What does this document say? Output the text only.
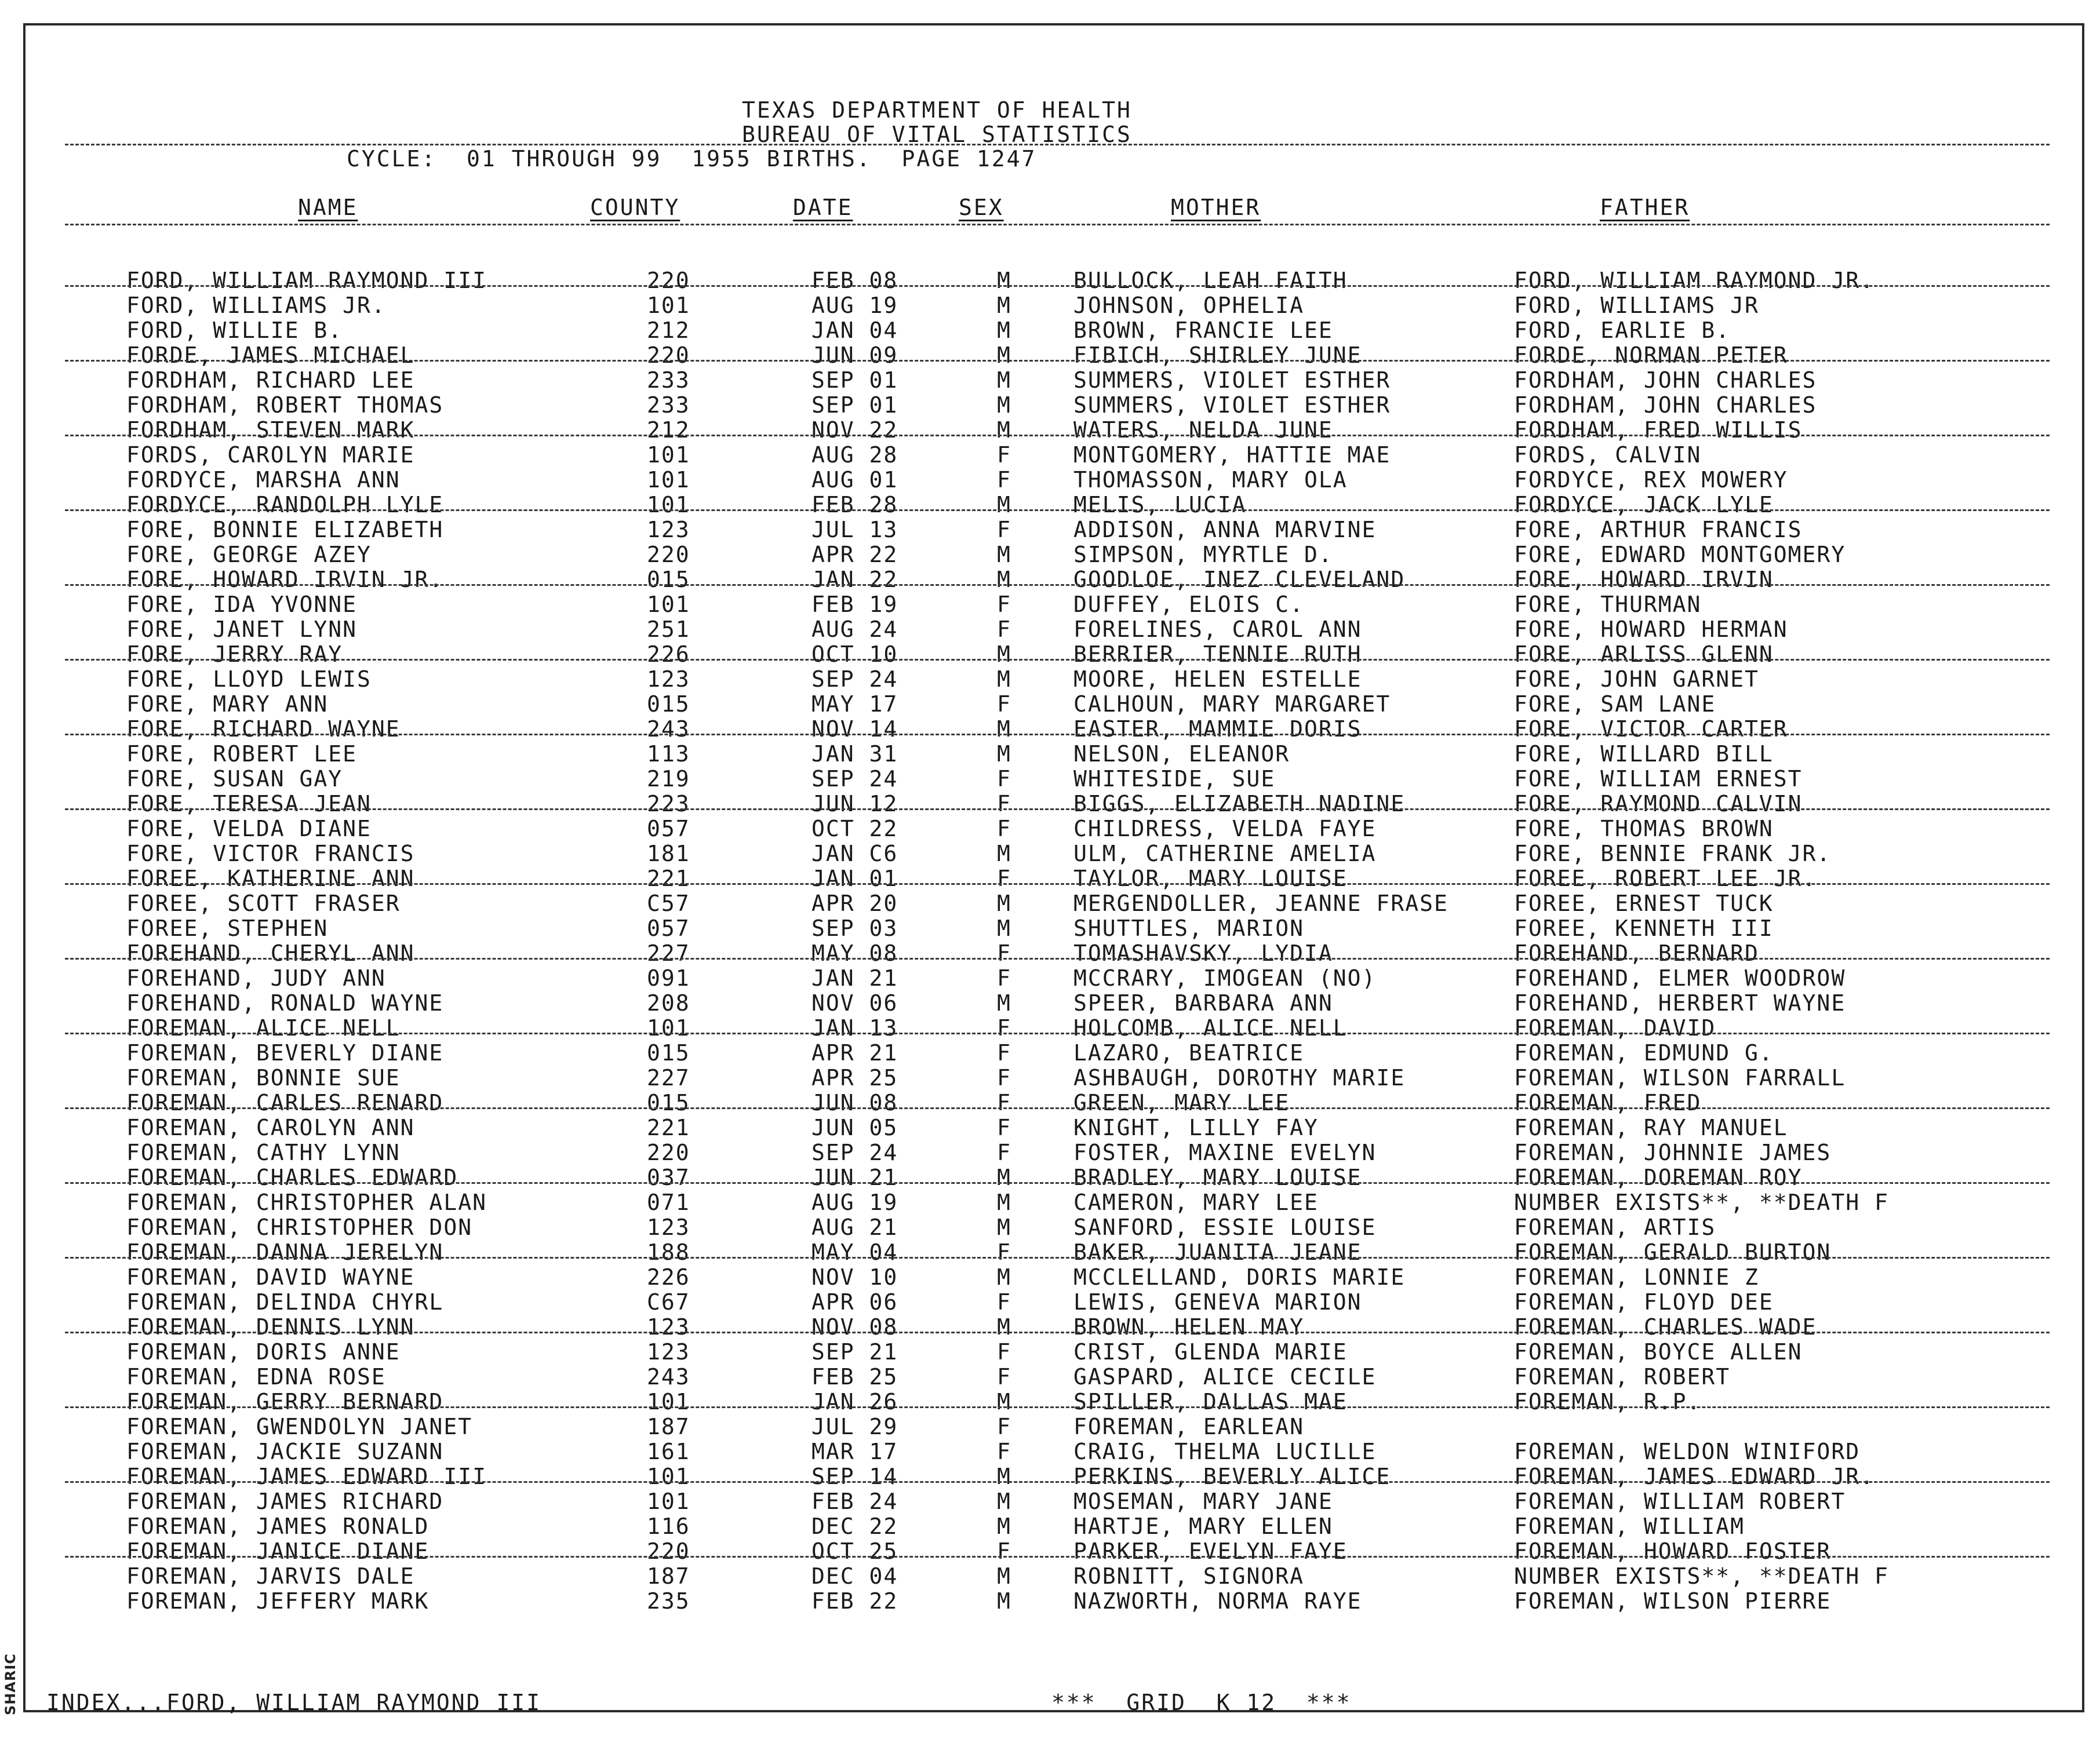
SHARIC
TEXAS DEPARTMENT OF HEALTH
BUREAU OF VITAL STATISTICS
CYCLE:  01 THROUGH 99  1955 BIRTHS.  PAGE 1247
NAME	COUNTY	DATE	SEX	MOTHER	FATHER
FORD, WILLIAM RAYMOND III	220	FEB 08	M	BULLOCK, LEAH FAITH	FORD, WILLIAM RAYMOND JR.
FORD, WILLIAMS JR.	101	AUG 19	M	JOHNSON, OPHELIA	FORD, WILLIAMS JR
FORD, WILLIE B.	212	JAN 04	M	BROWN, FRANCIE LEE	FORD, EARLIE B.
FORDE, JAMES MICHAEL	220	JUN 09	M	FIBICH, SHIRLEY JUNE	FORDE, NORMAN PETER
FORDHAM, RICHARD LEE	233	SEP 01	M	SUMMERS, VIOLET ESTHER	FORDHAM, JOHN CHARLES
FORDHAM, ROBERT THOMAS	233	SEP 01	M	SUMMERS, VIOLET ESTHER	FORDHAM, JOHN CHARLES
FORDHAM, STEVEN MARK	212	NOV 22	M	WATERS, NELDA JUNE	FORDHAM, FRED WILLIS
FORDS, CAROLYN MARIE	101	AUG 28	F	MONTGOMERY, HATTIE MAE	FORDS, CALVIN
FORDYCE, MARSHA ANN	101	AUG 01	F	THOMASSON, MARY OLA	FORDYCE, REX MOWERY
FORDYCE, RANDOLPH LYLE	101	FEB 28	M	MELIS, LUCIA	FORDYCE, JACK LYLE
FORE, BONNIE ELIZABETH	123	JUL 13	F	ADDISON, ANNA MARVINE	FORE, ARTHUR FRANCIS
FORE, GEORGE AZEY	220	APR 22	M	SIMPSON, MYRTLE D.	FORE, EDWARD MONTGOMERY
FORE, HOWARD IRVIN JR.	015	JAN 22	M	GOODLOE, INEZ CLEVELAND	FORE, HOWARD IRVIN
FORE, IDA YVONNE	101	FEB 19	F	DUFFEY, ELOIS C.	FORE, THURMAN
FORE, JANET LYNN	251	AUG 24	F	FORELINES, CAROL ANN	FORE, HOWARD HERMAN
FORE, JERRY RAY	226	OCT 10	M	BERRIER, TENNIE RUTH	FORE, ARLISS GLENN
FORE, LLOYD LEWIS	123	SEP 24	M	MOORE, HELEN ESTELLE	FORE, JOHN GARNET
FORE, MARY ANN	015	MAY 17	F	CALHOUN, MARY MARGARET	FORE, SAM LANE
FORE, RICHARD WAYNE	243	NOV 14	M	EASTER, MAMMIE DORIS	FORE, VICTOR CARTER
FORE, ROBERT LEE	113	JAN 31	M	NELSON, ELEANOR	FORE, WILLARD BILL
FORE, SUSAN GAY	219	SEP 24	F	WHITESIDE, SUE	FORE, WILLIAM ERNEST
FORE, TERESA JEAN	223	JUN 12	F	BIGGS, ELIZABETH NADINE	FORE, RAYMOND CALVIN
FORE, VELDA DIANE	057	OCT 22	F	CHILDRESS, VELDA FAYE	FORE, THOMAS BROWN
FORE, VICTOR FRANCIS	181	JAN C6	M	ULM, CATHERINE AMELIA	FORE, BENNIE FRANK JR.
FOREE, KATHERINE ANN	221	JAN 01	F	TAYLOR, MARY LOUISE	FOREE, ROBERT LEE JR.
FOREE, SCOTT FRASER	C57	APR 20	M	MERGENDOLLER, JEANNE FRASE	FOREE, ERNEST TUCK
FOREE, STEPHEN	057	SEP 03	M	SHUTTLES, MARION	FOREE, KENNETH III
FOREHAND, CHERYL ANN	227	MAY 08	F	TOMASHAVSKY, LYDIA	FOREHAND, BERNARD
FOREHAND, JUDY ANN	091	JAN 21	F	MCCRARY, IMOGEAN (NO)	FOREHAND, ELMER WOODROW
FOREHAND, RONALD WAYNE	208	NOV 06	M	SPEER, BARBARA ANN	FOREHAND, HERBERT WAYNE
FOREMAN, ALICE NELL	101	JAN 13	F	HOLCOMB, ALICE NELL	FOREMAN, DAVID
FOREMAN, BEVERLY DIANE	015	APR 21	F	LAZARO, BEATRICE	FOREMAN, EDMUND G.
FOREMAN, BONNIE SUE	227	APR 25	F	ASHBAUGH, DOROTHY MARIE	FOREMAN, WILSON FARRALL
FOREMAN, CARLES RENARD	015	JUN 08	F	GREEN, MARY LEE	FOREMAN, FRED
FOREMAN, CAROLYN ANN	221	JUN 05	F	KNIGHT, LILLY FAY	FOREMAN, RAY MANUEL
FOREMAN, CATHY LYNN	220	SEP 24	F	FOSTER, MAXINE EVELYN	FOREMAN, JOHNNIE JAMES
FOREMAN, CHARLES EDWARD	037	JUN 21	M	BRADLEY, MARY LOUISE	FOREMAN, DOREMAN ROY
FOREMAN, CHRISTOPHER ALAN	071	AUG 19	M	CAMERON, MARY LEE	NUMBER EXISTS**, **DEATH F
FOREMAN, CHRISTOPHER DON	123	AUG 21	M	SANFORD, ESSIE LOUISE	FOREMAN, ARTIS
FOREMAN, DANNA JERELYN	188	MAY 04	F	BAKER, JUANITA JEANE	FOREMAN, GERALD BURTON
FOREMAN, DAVID WAYNE	226	NOV 10	M	MCCLELLAND, DORIS MARIE	FOREMAN, LONNIE Z
FOREMAN, DELINDA CHYRL	C67	APR 06	F	LEWIS, GENEVA MARION	FOREMAN, FLOYD DEE
FOREMAN, DENNIS LYNN	123	NOV 08	M	BROWN, HELEN MAY	FOREMAN, CHARLES WADE
FOREMAN, DORIS ANNE	123	SEP 21	F	CRIST, GLENDA MARIE	FOREMAN, BOYCE ALLEN
FOREMAN, EDNA ROSE	243	FEB 25	F	GASPARD, ALICE CECILE	FOREMAN, ROBERT
FOREMAN, GERRY BERNARD	101	JAN 26	M	SPILLER, DALLAS MAE	FOREMAN, R.P.
FOREMAN, GWENDOLYN JANET	187	JUL 29	F	FOREMAN, EARLEAN
FOREMAN, JACKIE SUZANN	161	MAR 17	F	CRAIG, THELMA LUCILLE	FOREMAN, WELDON WINIFORD
FOREMAN, JAMES EDWARD III	101	SEP 14	M	PERKINS, BEVERLY ALICE	FOREMAN, JAMES EDWARD JR.
FOREMAN, JAMES RICHARD	101	FEB 24	M	MOSEMAN, MARY JANE	FOREMAN, WILLIAM ROBERT
FOREMAN, JAMES RONALD	116	DEC 22	M	HARTJE, MARY ELLEN	FOREMAN, WILLIAM
FOREMAN, JANICE DIANE	220	OCT 25	F	PARKER, EVELYN FAYE	FOREMAN, HOWARD FOSTER
FOREMAN, JARVIS DALE	187	DEC 04	M	ROBNITT, SIGNORA	NUMBER EXISTS**, **DEATH F
FOREMAN, JEFFERY MARK	235	FEB 22	M	NAZWORTH, NORMA RAYE	FOREMAN, WILSON PIERRE
INDEX...FORD, WILLIAM RAYMOND III	***  GRID  K 12  ***
